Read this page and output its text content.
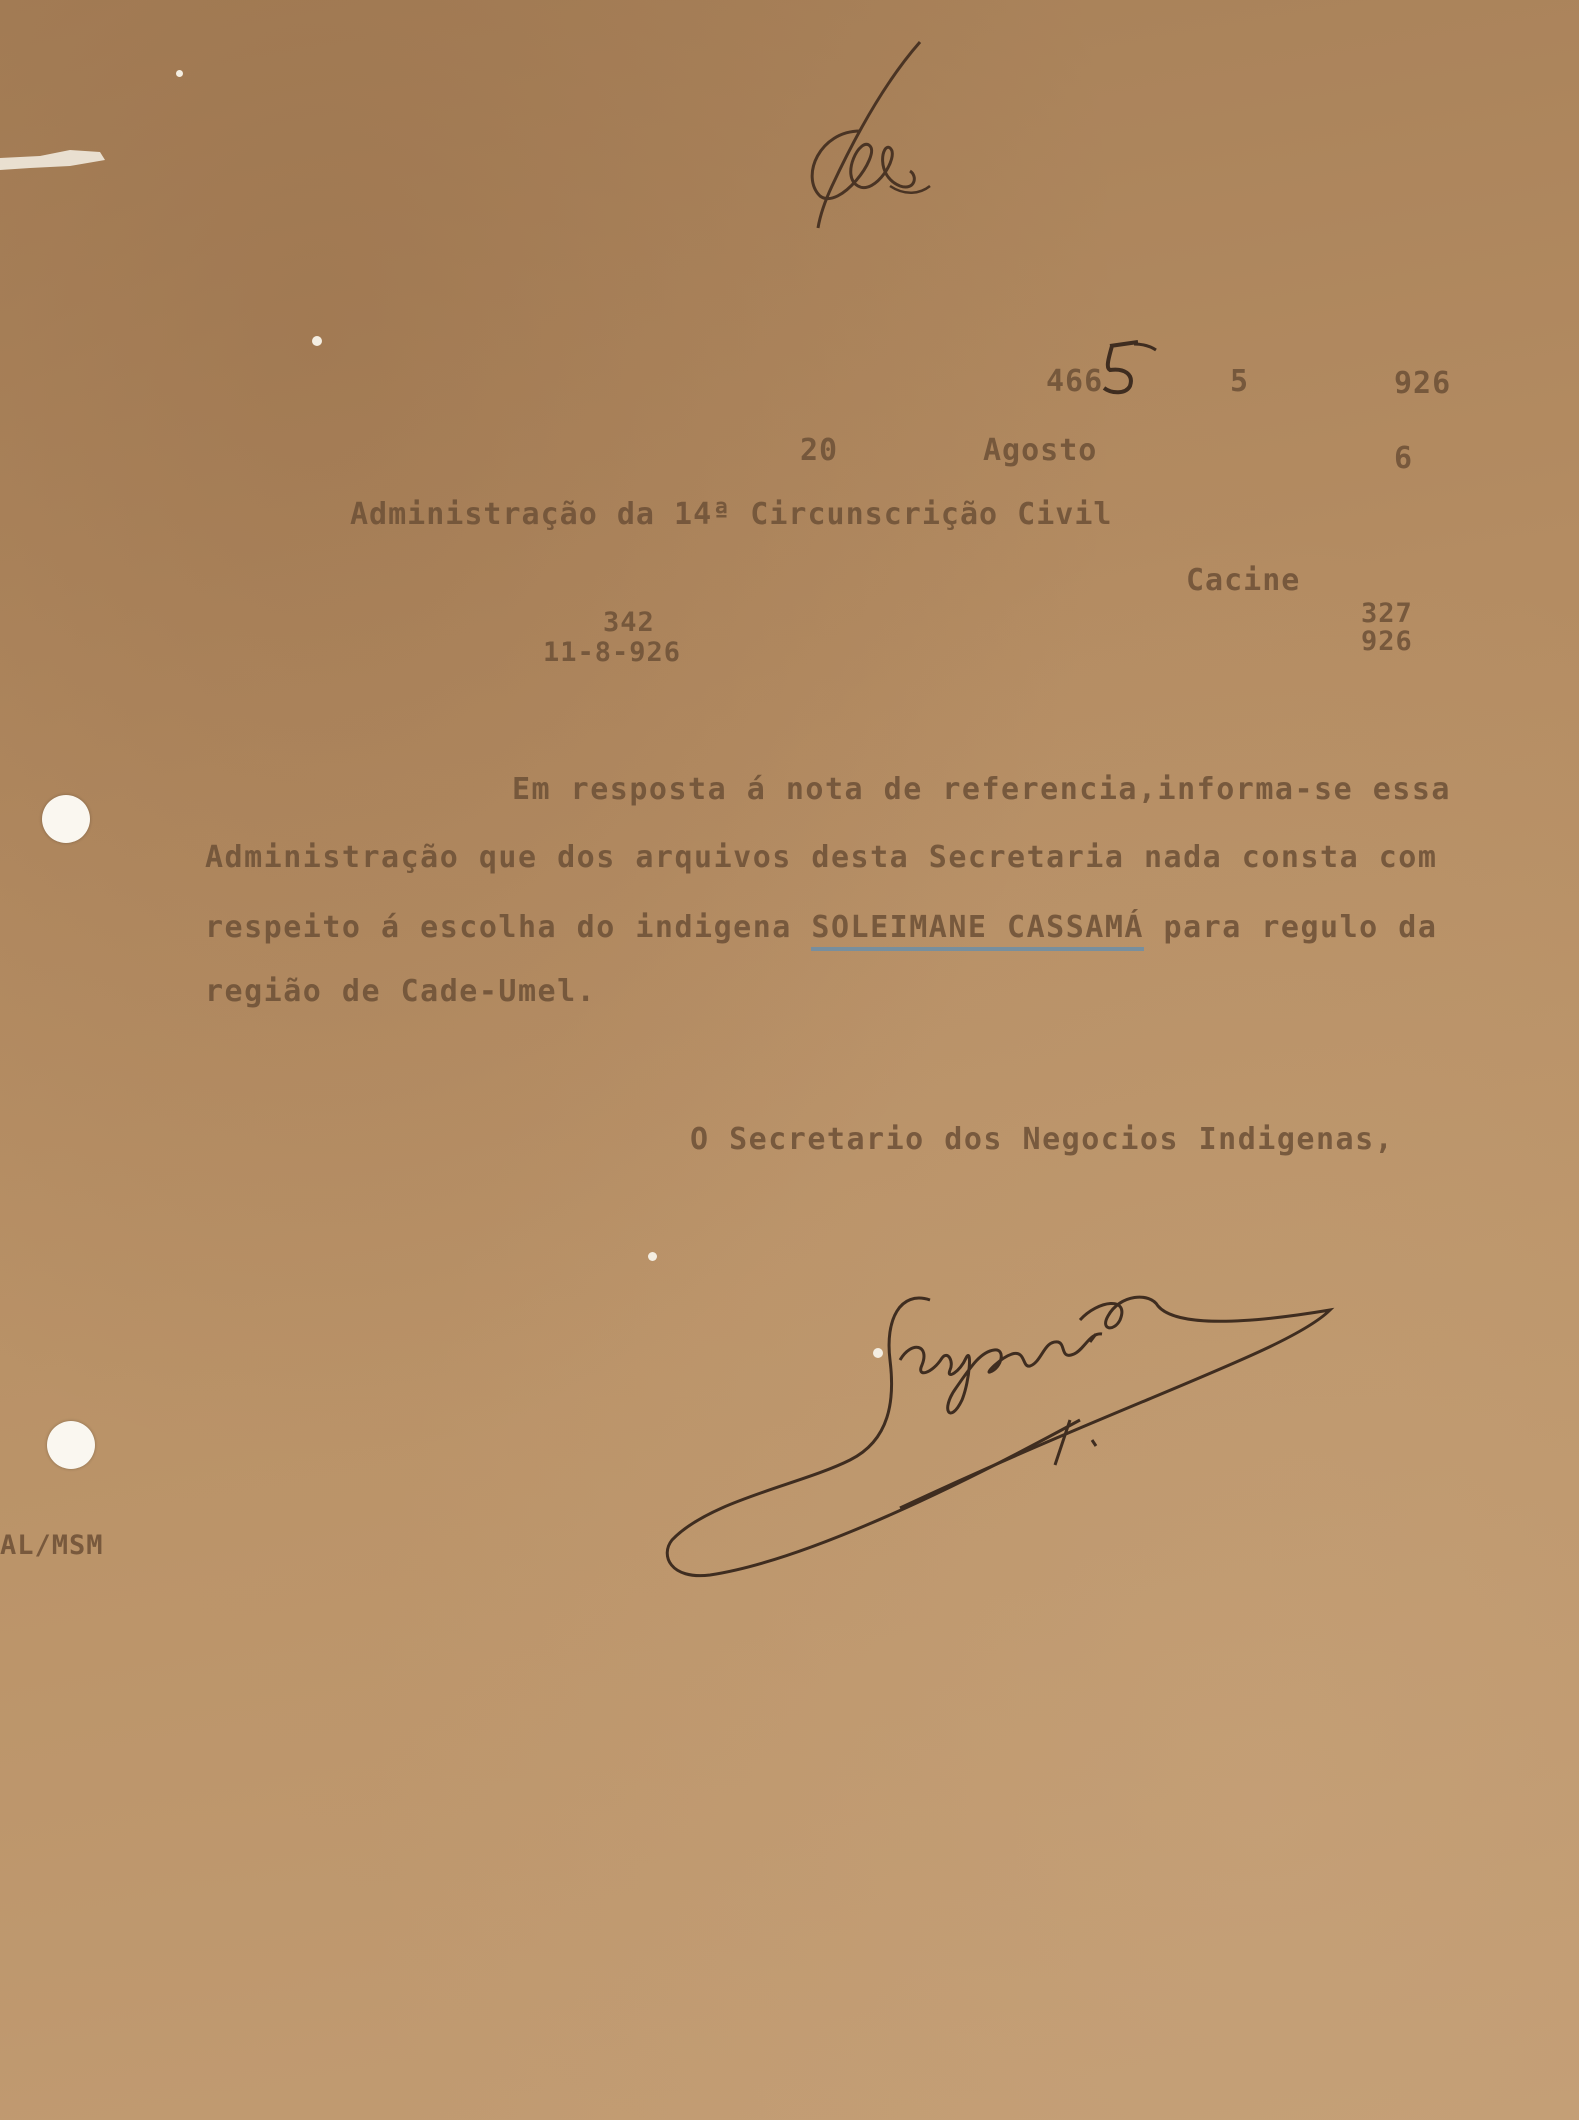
466	5	926

20	Agosto	6

Administração da 14ª Circunscrição Civil

Cacine

342

11-8-926

327

926

Em resposta á nota de referencia,informa-se essa

Administração que dos arquivos desta Secretaria nada consta com

respeito á escolha do indigena SOLEIMANE CASSAMÁ para regulo da

região de Cade-Umel.

O Secretario dos Negocios Indigenas,

AL/MSM
